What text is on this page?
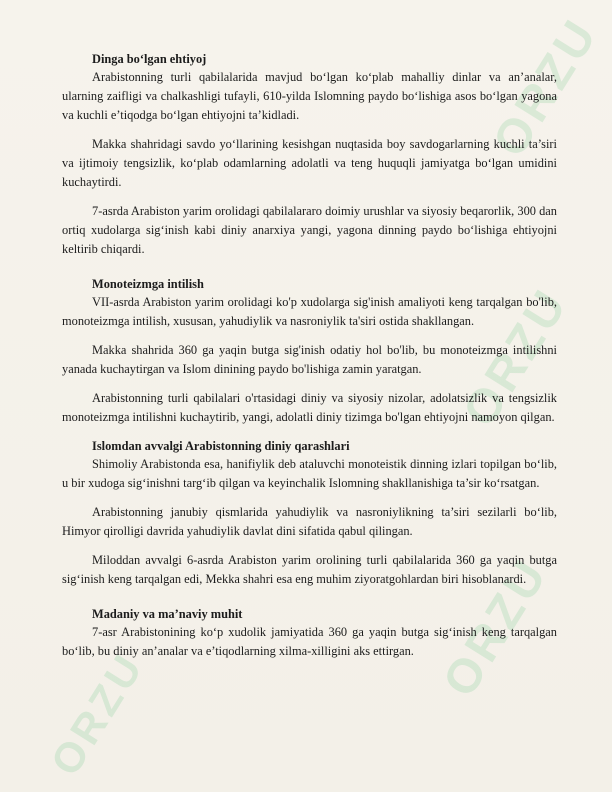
ORZU
ORZU
ORZU
ORZU
Dinga boʻlgan ehtiyoj

Arabistonning turli qabilalarida mavjud boʻlgan koʻplab mahalliy dinlar va an’analar, ularning zaifligi va chalkashligi tufayli, 610-yilda Islomning paydo boʻlishiga asos boʻlgan yagona va kuchli e’tiqodga boʻlgan ehtiyojni ta’kidladi.

Makka shahridagi savdo yoʻllarining kesishgan nuqtasida boy savdogarlarning kuchli ta’siri va ijtimoiy tengsizlik, koʻplab odamlarning adolatli va teng huquqli jamiyatga boʻlgan umidini kuchaytirdi.

7-asrda Arabiston yarim orolidagi qabilalararo doimiy urushlar va siyosiy beqarorlik, 300 dan ortiq xudolarga sigʻinish kabi diniy anarxiya yangi, yagona dinning paydo boʻlishiga ehtiyojni keltirib chiqardi.

Monoteizmga intilish

VII-asrda Arabiston yarim orolidagi ko'p xudolarga sig'inish amaliyoti keng tarqalgan bo'lib, monoteizmga intilish, xususan, yahudiylik va nasroniylik ta'siri ostida shakllangan.

Makka shahrida 360 ga yaqin butga sig'inish odatiy hol bo'lib, bu monoteizmga intilishni yanada kuchaytirgan va Islom dinining paydo bo'lishiga zamin yaratgan.

Arabistonning turli qabilalari o'rtasidagi diniy va siyosiy nizolar, adolatsizlik va tengsizlik monoteizmga intilishni kuchaytirib, yangi, adolatli diniy tizimga bo'lgan ehtiyojni namoyon qilgan.

Islomdan avvalgi Arabistonning diniy qarashlari

Shimoliy Arabistonda esa, hanifiylik deb ataluvchi monoteistik dinning izlari topilgan boʻlib, u bir xudoga sigʻinishni targʻib qilgan va keyinchalik Islomning shakllanishiga ta’sir koʻrsatgan.

Arabistonning janubiy qismlarida yahudiylik va nasroniylikning ta’siri sezilarli boʻlib, Himyor qirolligi davrida yahudiylik davlat dini sifatida qabul qilingan.

Miloddan avvalgi 6-asrda Arabiston yarim orolining turli qabilalarida 360 ga yaqin butga sigʻinish keng tarqalgan edi, Mekka shahri esa eng muhim ziyoratgohlardan biri hisoblanardi.

Madaniy va ma’naviy muhit

7-asr Arabistonining koʻp xudolik jamiyatida 360 ga yaqin butga sigʻinish keng tarqalgan boʻlib, bu diniy an’analar va e’tiqodlarning xilma-xilligini aks ettirgan.
